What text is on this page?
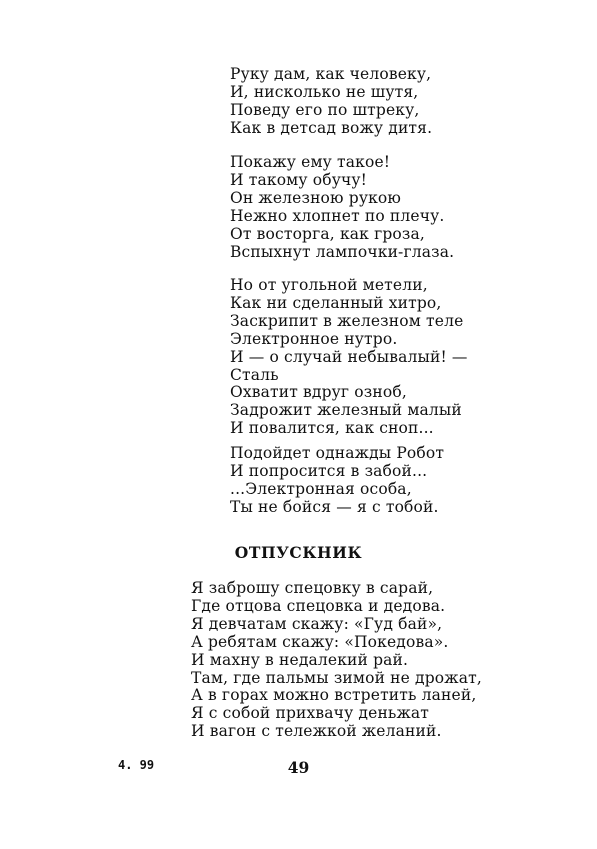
Руку дам, как человеку,
И, нисколько не шутя,
Поведу его по штреку,
Как в детсад вожу дитя.
Покажу ему такое!
И такому обучу!
Он железною рукою
Нежно хлопнет по плечу.
От восторга, как гроза,
Вспыхнут лампочки-глаза.
Но от угольной метели,
Как ни сделанный хитро,
Заскрипит в железном теле
Электронное нутро.
И — о случай небывалый! —
Сталь
Охватит вдруг озноб,
Задрожит железный малый
И повалится, как сноп...
Подойдет однажды Робот
И попросится в забой...
...Электронная особа,
Ты не бойся — я с тобой.
ОТПУСКНИК
Я заброшу спецовку в сарай,
Где отцова спецовка и дедова.
Я девчатам скажу: «Гуд бай»,
А ребятам скажу: «Покедова».
И махну в недалекий рай.
Там, где пальмы зимой не дрожат,
А в горах можно встретить ланей,
Я с собой прихвачу деньжат
И вагон с тележкой желаний.

4. 99	49
